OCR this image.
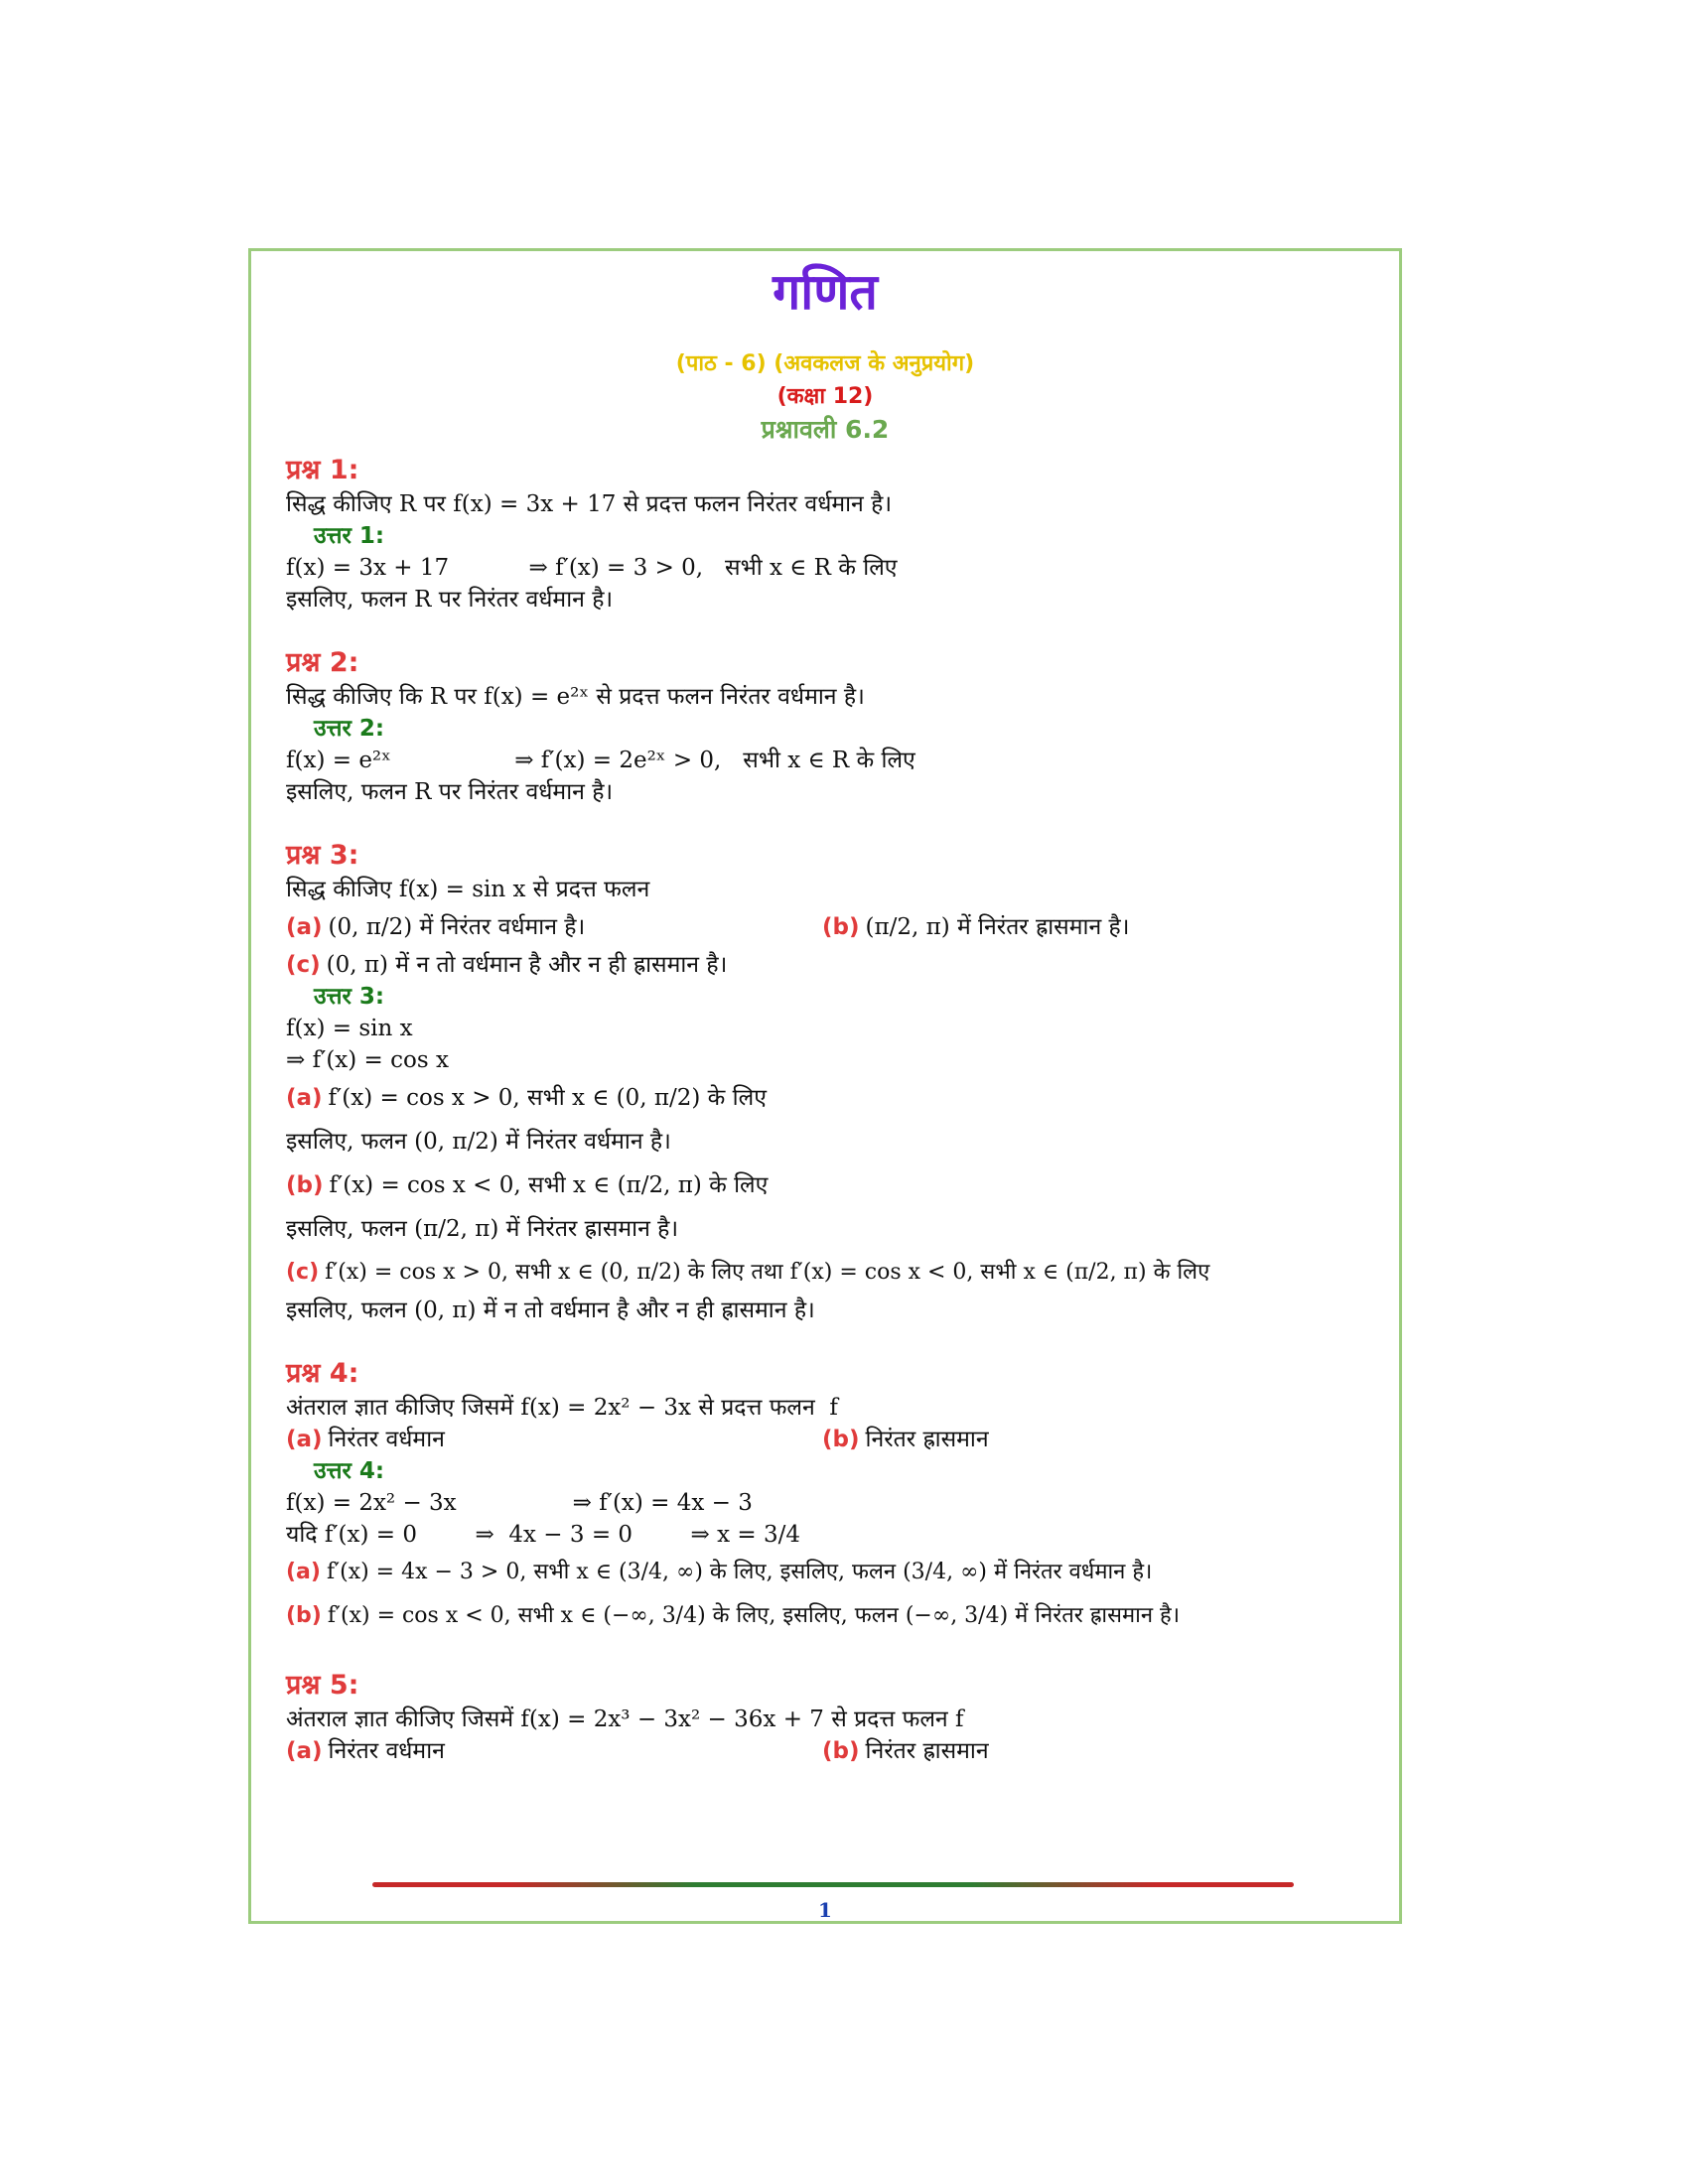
गणित
(पाठ - 6) (अवकलज के अनुप्रयोग)
(कक्षा 12)
प्रश्नावली 6.2
प्रश्न 1:
सिद्ध कीजिए R पर f(x) = 3x + 17 से प्रदत्त फलन निरंतर वर्धमान है।
उत्तर 1:
f(x) = 3x + 17           ⇒ f′(x) = 3 > 0,   सभी x ∈ R के लिए
इसलिए, फलन R पर निरंतर वर्धमान है।
प्रश्न 2:
सिद्ध कीजिए कि R पर f(x) = e²ˣ से प्रदत्त फलन निरंतर वर्धमान है।
उत्तर 2:
f(x) = e²ˣ                 ⇒ f′(x) = 2e²ˣ > 0,   सभी x ∈ R के लिए
इसलिए, फलन R पर निरंतर वर्धमान है।
प्रश्न 3:
सिद्ध कीजिए f(x) = sin x से प्रदत्त फलन
(a) (0, π/2) में निरंतर वर्धमान है।	(b) (π/2, π) में निरंतर ह्रासमान है।
(c) (0, π) में न तो वर्धमान है और न ही ह्रासमान है।
उत्तर 3:
f(x) = sin x
⇒ f′(x) = cos x
(a) f′(x) = cos x > 0, सभी x ∈ (0, π/2) के लिए
इसलिए, फलन (0, π/2) में निरंतर वर्धमान है।
(b) f′(x) = cos x < 0, सभी x ∈ (π/2, π) के लिए
इसलिए, फलन (π/2, π) में निरंतर ह्रासमान है।
(c) f′(x) = cos x > 0, सभी x ∈ (0, π/2) के लिए तथा f′(x) = cos x < 0, सभी x ∈ (π/2, π) के लिए
इसलिए, फलन (0, π) में न तो वर्धमान है और न ही ह्रासमान है।
प्रश्न 4:
अंतराल ज्ञात कीजिए जिसमें f(x) = 2x² − 3x से प्रदत्त फलन  f
(a) निरंतर वर्धमान	(b) निरंतर ह्रासमान
उत्तर 4:
f(x) = 2x² − 3x                ⇒ f′(x) = 4x − 3
यदि f′(x) = 0        ⇒  4x − 3 = 0        ⇒ x = 3/4
(a) f′(x) = 4x − 3 > 0, सभी x ∈ (3/4, ∞) के लिए, इसलिए, फलन (3/4, ∞) में निरंतर वर्धमान है।
(b) f′(x) = cos x < 0, सभी x ∈ (−∞, 3/4) के लिए, इसलिए, फलन (−∞, 3/4) में निरंतर ह्रासमान है।
प्रश्न 5:
अंतराल ज्ञात कीजिए जिसमें f(x) = 2x³ − 3x² − 36x + 7 से प्रदत्त फलन f
(a) निरंतर वर्धमान	(b) निरंतर ह्रासमान
1
